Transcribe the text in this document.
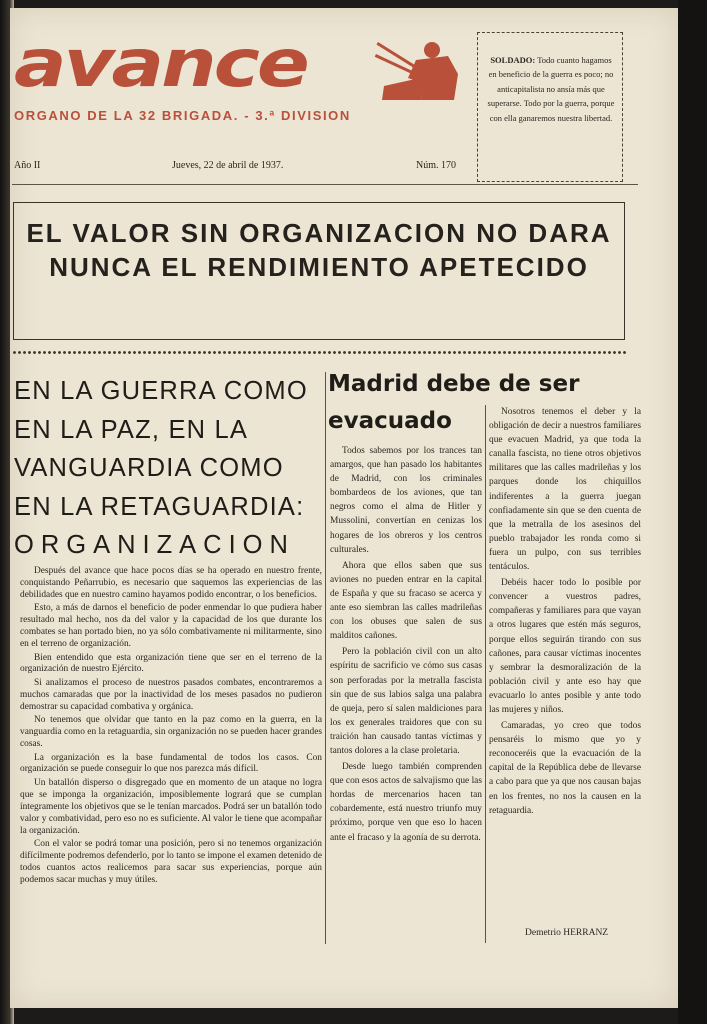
avance
ORGANO DE LA 32 BRIGADA. - 3.ª DIVISION
SOLDADO: Todo cuanto hagamos en beneficio de la guerra es poco; no anticapitalista no ansía más que superarse. Todo por la guerra, porque con ella ganaremos nuestra libertad.
Año II	Jueves, 22 de abril de 1937.	Núm. 170
EL VALOR SIN ORGANIZACION NO DARA NUNCA EL RENDIMIENTO APETECIDO
EN LA GUERRA COMO
EN LA PAZ, EN LA
VANGUARDIA COMO
EN LA RETAGUARDIA:
ORGANIZACION

Después del avance que hace pocos días se ha operado en nuestro frente, conquistando Peñarrubio, es necesario que saquemos las experiencias de las debilidades que en nuestro camino hayamos podido encontrar, o los beneficios.

Esto, a más de darnos el beneficio de poder enmendar lo que pudiera haber resultado mal hecho, nos da del valor y la capacidad de los que durante los combates se han portado bien, no ya sólo combativamente ni militarmente, sino en el terreno de organización.

Bien entendido que esta organización tiene que ser en el terreno de la organización de nuestro Ejército.

Si analizamos el proceso de nuestros pasados combates, encontraremos a muchos camaradas que por la inactividad de los meses pasados no pudieron demostrar su capacidad combativa y orgánica.

No tenemos que olvidar que tanto en la paz como en la guerra, en la vanguardia como en la retaguardia, sin organización no se pueden hacer grandes cosas.

La organización es la base fundamental de todos los casos. Con organización se puede conseguir lo que nos parezca más difícil.

Un batallón disperso o disgregado que en momento de un ataque no logra que se imponga la organización, imposiblemente logrará que se cumplan íntegramente los objetivos que se le tenían marcados. Podrá ser un batallón todo valor y combatividad, pero eso no es suficiente. Al valor le tiene que acompañar la organización.

Con el valor se podrá tomar una posición, pero si no tenemos organización difícilmente podremos defenderlo, por lo tanto se impone el examen detenido de todos cuantos actos realicemos para sacar sus experiencias, porque aún podemos sacar muchas y muy útiles.

Madrid debe de ser
evacuado

Todos sabemos por los trances tan amargos, que han pasado los habitantes de Madrid, con los criminales bombardeos de los aviones, que tan negros como el alma de Hitler y Mussolini, convertían en cenizas los hogares de los obreros y los centros culturales.

Ahora que ellos saben que sus aviones no pueden entrar en la capital de España y que su fracaso se acerca y ante eso siembran las calles madrileñas con los obuses que salen de sus malditos cañones.

Pero la población civil con un alto espíritu de sacrificio ve cómo sus casas son perforadas por la metralla fascista sin que de sus labios salga una palabra de queja, pero sí salen maldiciones para los ex generales traidores que con su traición han causado tantas víctimas y tantos dolores a la clase proletaria.

Desde luego también comprenden que con esos actos de salvajismo que las hordas de mercenarios hacen tan cobardemente, está nuestro triunfo muy próximo, porque ven que eso lo hacen ante el fracaso y la agonía de su derrota.

Nosotros tenemos el deber y la obligación de decir a nuestros familiares que evacuen Madrid, ya que toda la canalla fascista, no tiene otros objetivos militares que las calles madrileñas y los parques donde los chiquillos indiferentes a la guerra juegan confiadamente sin que se den cuenta de que la metralla de los asesinos del pueblo trabajador les ronda como si fuera un pulpo, con sus terribles tentáculos.

Debéis hacer todo lo posible por convencer a vuestros padres, compañeras y familiares para que vayan a otros lugares que estén más seguros, porque ellos seguirán tirando con sus cañones, para causar víctimas inocentes y sembrar la desmoralización de la población civil y ante eso hay que evacuarlo lo antes posible y ante todo las mujeres y niños.

Camaradas, yo creo que todos pensaréis lo mismo que yo y reconoceréis que la evacuación de la capital de la República debe de llevarse a cabo para que ya que nos causan bajas en los frentes, no nos la causen en la retaguardia.

Demetrio HERRANZ
